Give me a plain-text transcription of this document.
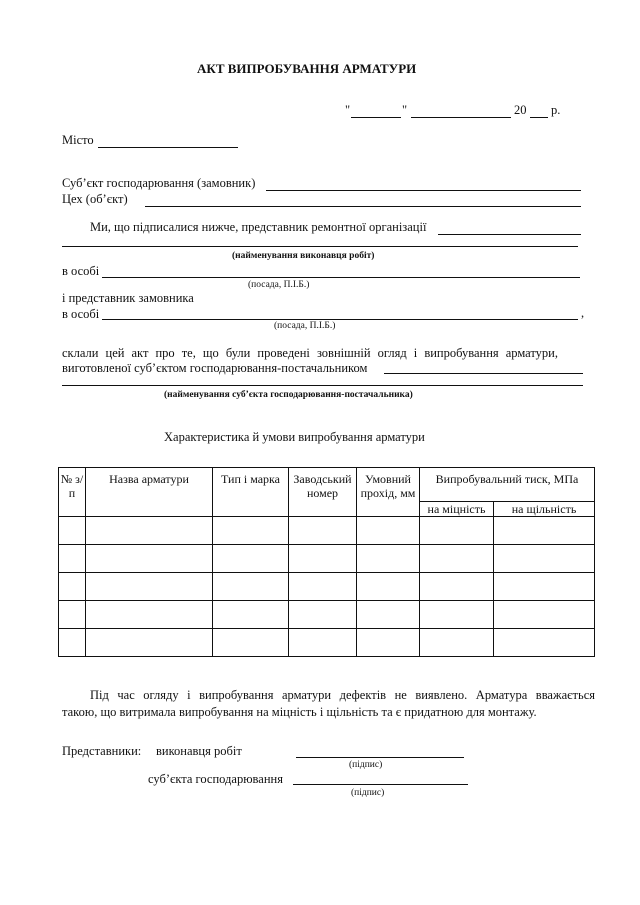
АКТ ВИПРОБУВАННЯ АРМАТУРИ
"	"	20 р.
Місто
Суб’єкт господарювання (замовник)
Цех (об’єкт)
Ми, що підписалися нижче, представник ремонтної організації
(найменування виконавця робіт)
в особі
(посада, П.І.Б.)
і представник замовника
в особі	,
(посада, П.І.Б.)
склали цей акт про те, що були проведені зовнішній огляд і випробування арматури,
виготовленої суб’єктом господарювання-постачальником
(найменування суб’єкта господарювання-постачальника)
Характеристика й умови випробування арматури
№ з/п	Назва арматури	Тип і марка	Заводський номер	Умовний прохід, мм	Випробувальний тиск, МПа	
					на міцність	на щільність

Під час огляду і випробування арматури дефектів не виявлено. Арматура вважається
такою, що витримала випробування на міцність і щільність та є придатною для монтажу.
Представники: виконавця робіт
(підпис)
суб’єкта господарювання
(підпис)
